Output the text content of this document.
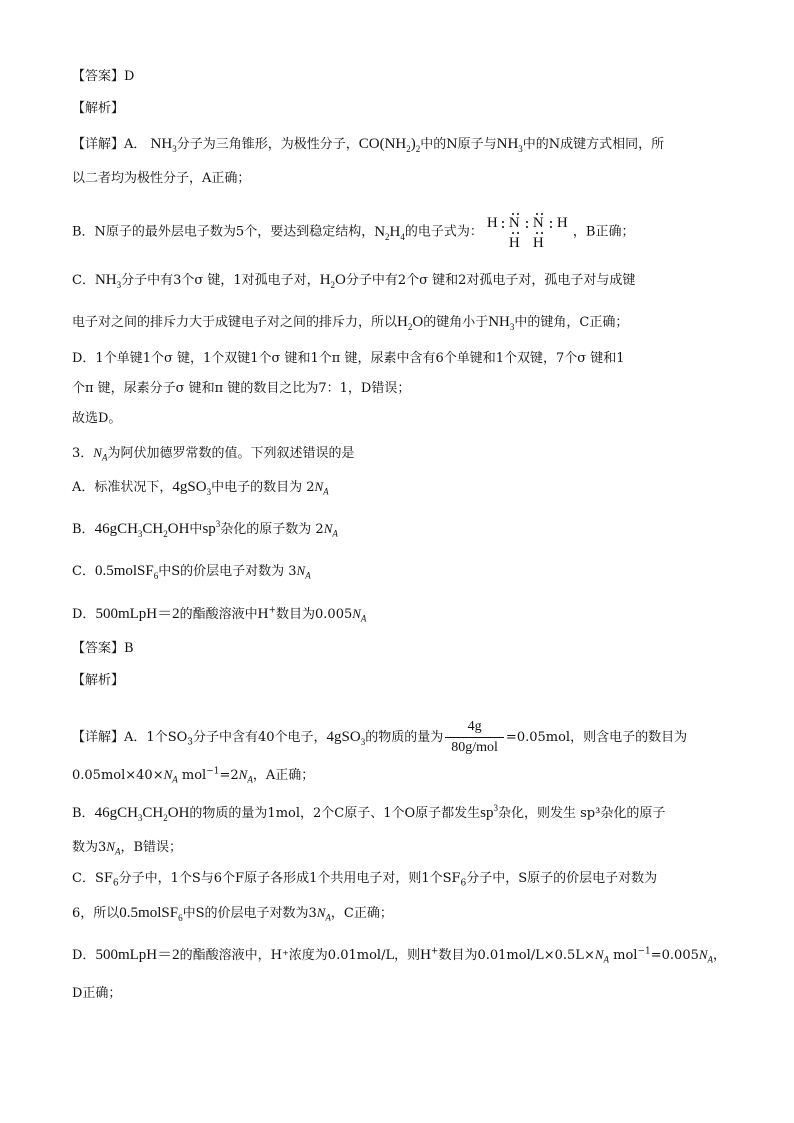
【答案】D
【解析】
【详解】A． $NH_3$分子为三角锥形，为极性分子，$CO(NH_2)_2$中的N原子与$NH_3$中的N成键方式相同，所
以二者均为极性分子，A正确；
B．N原子的最外层电子数为5个，要达到稳定结构，$N_2H_4$的电子式为：
H N N H
H H
，B正确；
C．$NH_3$分子中有3个σ 键，1对孤电子对，$H_2O$分子中有2个σ 键和2对孤电子对，孤电子对与成键
电子对之间的排斥力大于成键电子对之间的排斥力，所以$H_2O$的键角小于$NH_3$中的键角，C正确；
D．1个单键1个σ 键，1个双键1个σ 键和1个π 键，尿素中含有6个单键和1个双键，7个σ 键和1
个π 键，尿素分子σ 键和π 键的数目之比为7：1，D错误；
故选D。
3．$N_A$为阿伏加德罗常数的值。下列叙述错误的是
A．标准状况下，4gSO$_3$中电子的数目为 $2N_A$
B．$46gCH_3CH_2OH$中$sp^3$杂化的原子数为 $2N_A$
C．0.5molSF$_6$中S的价层电子对数为 $3N_A$
D．500mLpH＝2的酯酸溶液中H+数目为$0.005N_A$
【答案】B
【解析】
【详解】A．1个$SO_3$分子中含有40个电子，4gSO$_3$的物质的量为 $\frac{4g}{\text{80g/mol}} =0.05mol$，则含电子的数目为
$0.05mol\times 40\times N_A$ $mol^{-1}=2N_A$，A正确；
B．$46gCH_3CH_2OH$的物质的量为1mol，2个C原子、1个O原子都发生$sp^3$杂化，则发生 sp³杂化的原子
数为$3N_A$，B错误；
C．$SF_6$分子中，1个S与6个F原子各形成1个共用电子对，则1个$SF_6$分子中，S原子的价层电子对数为
6，所以0.5molSF$_6$中S的价层电子对数为$3N_A$，C正确；
D．500mLpH＝2的酯酸溶液中，H⁺浓度为0.01mol/L，则H+数目为$0.01mol/L\times 0.5L\times N_A$ $mol^{-1}=0.005N_A$，
D正确；
